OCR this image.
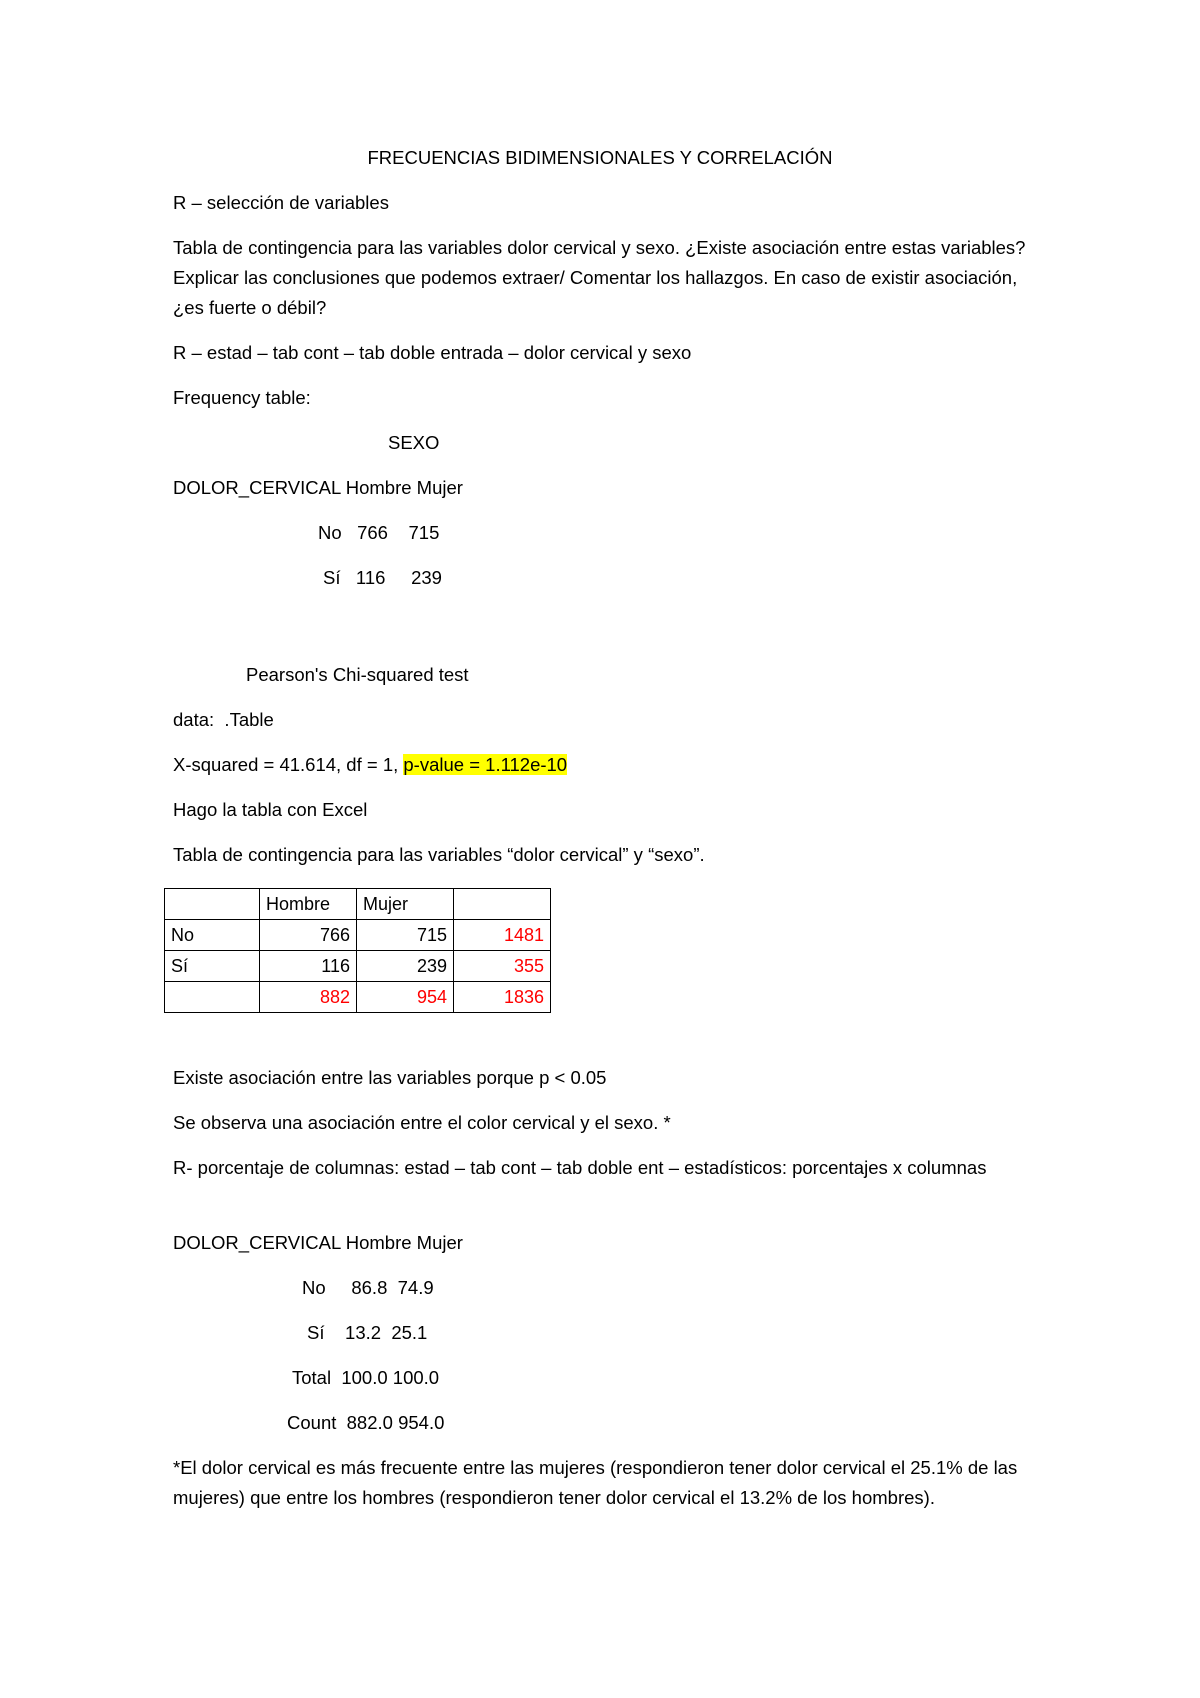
FRECUENCIAS BIDIMENSIONALES Y CORRELACIÓN
R – selección de variables
Tabla de contingencia para las variables dolor cervical y sexo. ¿Existe asociación entre estas variables? Explicar las conclusiones que podemos extraer/ Comentar los hallazgos. En caso de existir asociación, ¿es fuerte o débil?
R – estad – tab cont – tab doble entrada – dolor cervical y sexo
Frequency table:
SEXO
DOLOR_CERVICAL Hombre Mujer
No   766    715
Sí   116     239
Pearson's Chi-squared test
data:  .Table
X-squared = 41.614, df = 1, p-value = 1.112e-10
Hago la tabla con Excel
Tabla de contingencia para las variables “dolor cervical” y “sexo”.
	Hombre	Mujer	
No	766	715	1481
Sí	116	239	355
	882	954	1836
Existe asociación entre las variables porque p < 0.05
Se observa una asociación entre el color cervical y el sexo. *
R- porcentaje de columnas: estad – tab cont – tab doble ent – estadísticos: porcentajes x columnas
DOLOR_CERVICAL Hombre Mujer
No     86.8  74.9
Sí    13.2  25.1
Total  100.0 100.0
Count  882.0 954.0
*El dolor cervical es más frecuente entre las mujeres (respondieron tener dolor cervical el 25.1% de las mujeres) que entre los hombres (respondieron tener dolor cervical el 13.2% de los hombres).
